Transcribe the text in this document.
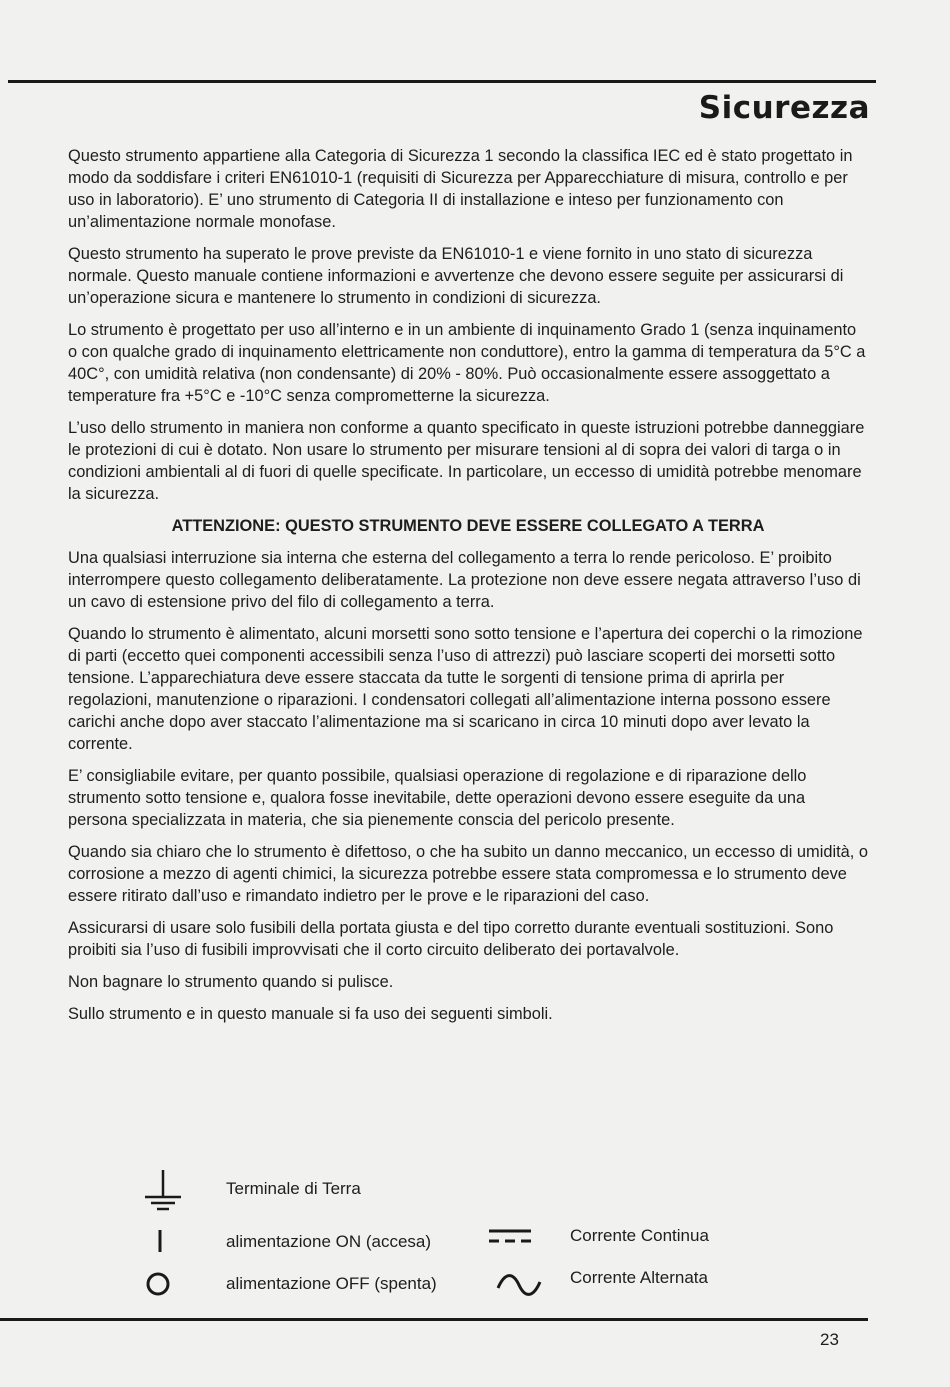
Sicurezza

Questo strumento appartiene alla Categoria di Sicurezza 1 secondo la classifica IEC ed è stato progettato in modo da soddisfare i criteri EN61010-1 (requisiti di Sicurezza per Apparecchiature di misura, controllo e per uso in laboratorio). E’ uno strumento di Categoria II di installazione e inteso per funzionamento con un’alimentazione normale monofase.

Questo strumento ha superato le prove previste da EN61010-1 e viene fornito in uno stato di sicurezza normale. Questo manuale contiene informazioni e avvertenze che devono essere seguite per assicurarsi di un’operazione sicura e mantenere lo strumento in condizioni di sicurezza.

Lo strumento è progettato per uso all’interno e in un ambiente di inquinamento Grado 1 (senza inquinamento o con qualche grado di inquinamento elettricamente non conduttore), entro la gamma di temperatura da 5°C a 40C°, con umidità relativa (non condensante) di 20% - 80%. Può occasionalmente essere assoggettato a temperature fra +5°C e -10°C senza comprometterne la sicurezza.

L’uso dello strumento in maniera non conforme a quanto specificato in queste istruzioni potrebbe danneggiare le protezioni di cui è dotato. Non usare lo strumento per misurare tensioni al di sopra dei valori di targa o in condizioni ambientali al di fuori di quelle specificate. In particolare, un eccesso di umidità potrebbe menomare la sicurezza.

ATTENZIONE: QUESTO STRUMENTO DEVE ESSERE COLLEGATO A TERRA

Una qualsiasi interruzione sia interna che esterna del collegamento a terra lo rende pericoloso. E’ proibito interrompere questo collegamento deliberatamente. La protezione non deve essere negata attraverso l’uso di un cavo di estensione privo del filo di collegamento a terra.

Quando lo strumento è alimentato, alcuni morsetti sono sotto tensione e l’apertura dei coperchi o la rimozione di parti (eccetto quei componenti accessibili senza l’uso di attrezzi) può lasciare scoperti dei morsetti sotto tensione. L’apparechiatura deve essere staccata da tutte le sorgenti di tensione prima di aprirla per regolazioni, manutenzione o riparazioni. I condensatori collegati all’alimentazione interna possono essere carichi anche dopo aver staccato l’alimentazione ma si scaricano in circa 10 minuti dopo aver levato la corrente.

E’ consigliabile evitare, per quanto possibile, qualsiasi operazione di regolazione e di riparazione dello strumento sotto tensione e, qualora fosse inevitabile, dette operazioni devono essere eseguite da una persona specializzata in materia, che sia pienemente conscia del pericolo presente.

Quando sia chiaro che lo strumento è difettoso, o che ha subito un danno meccanico, un eccesso di umidità, o corrosione a mezzo di agenti chimici, la sicurezza potrebbe essere stata compromessa e lo strumento deve essere ritirato dall’uso e rimandato indietro per le prove e le riparazioni del caso.

Assicurarsi di usare solo fusibili della portata giusta e del tipo corretto durante eventuali sostituzioni. Sono proibiti sia l’uso di fusibili improvvisati che il corto circuito deliberato dei portavalvole.

Non bagnare lo strumento quando si pulisce.

Sullo strumento e in questo manuale si fa uso dei seguenti simboli.

Terminale di Terra
alimentazione ON (accesa)
alimentazione OFF (spenta)
Corrente Continua
Corrente Alternata
23
